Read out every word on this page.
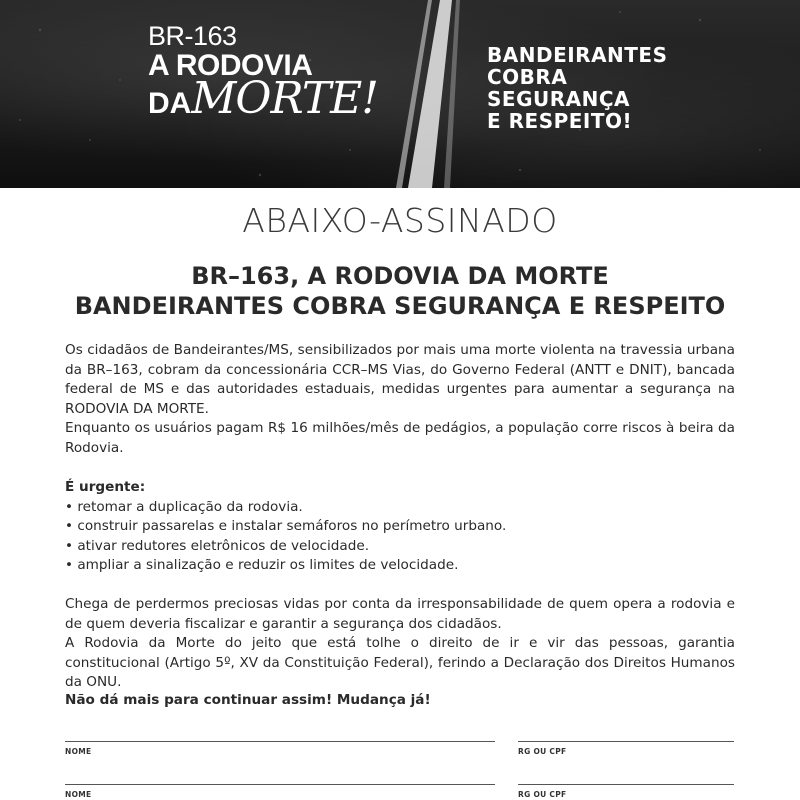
BR-163
A RODOVIA
DAMORTE!
BANDEIRANTES
COBRA
SEGURANÇA
E RESPEITO!
ABAIXO-ASSINADO
BR–163, A RODOVIA DA MORTE
BANDEIRANTES COBRA SEGURANÇA E RESPEITO

Os cidadãos de Bandeirantes/MS, sensibilizados por mais uma morte violenta na travessia urbana da BR–163, cobram da concessionária CCR–MS Vias, do Governo Federal (ANTT e DNIT), bancada federal de MS e das autoridades estaduais, medidas urgentes para aumentar a segurança na RODOVIA DA MORTE.

Enquanto os usuários pagam R$ 16 milhões/mês de pedágios, a população corre riscos à beira da Rodovia.

É urgente:
• retomar a duplicação da rodovia.
• construir passarelas e instalar semáforos no perímetro urbano.
• ativar redutores eletrônicos de velocidade.
• ampliar a sinalização e reduzir os limites de velocidade.

Chega de perdermos preciosas vidas por conta da irresponsabilidade de quem opera a rodovia e de quem deveria fiscalizar e garantir a segurança dos cidadãos.

A Rodovia da Morte do jeito que está tolhe o direito de ir e vir das pessoas, garantia constitucional (Artigo 5º, XV da Constituição Federal), ferindo a Declaração dos Direitos Humanos da ONU.

Não dá mais para continuar assim! Mudança já!
NOME	RG OU CPF
NOME	RG OU CPF
